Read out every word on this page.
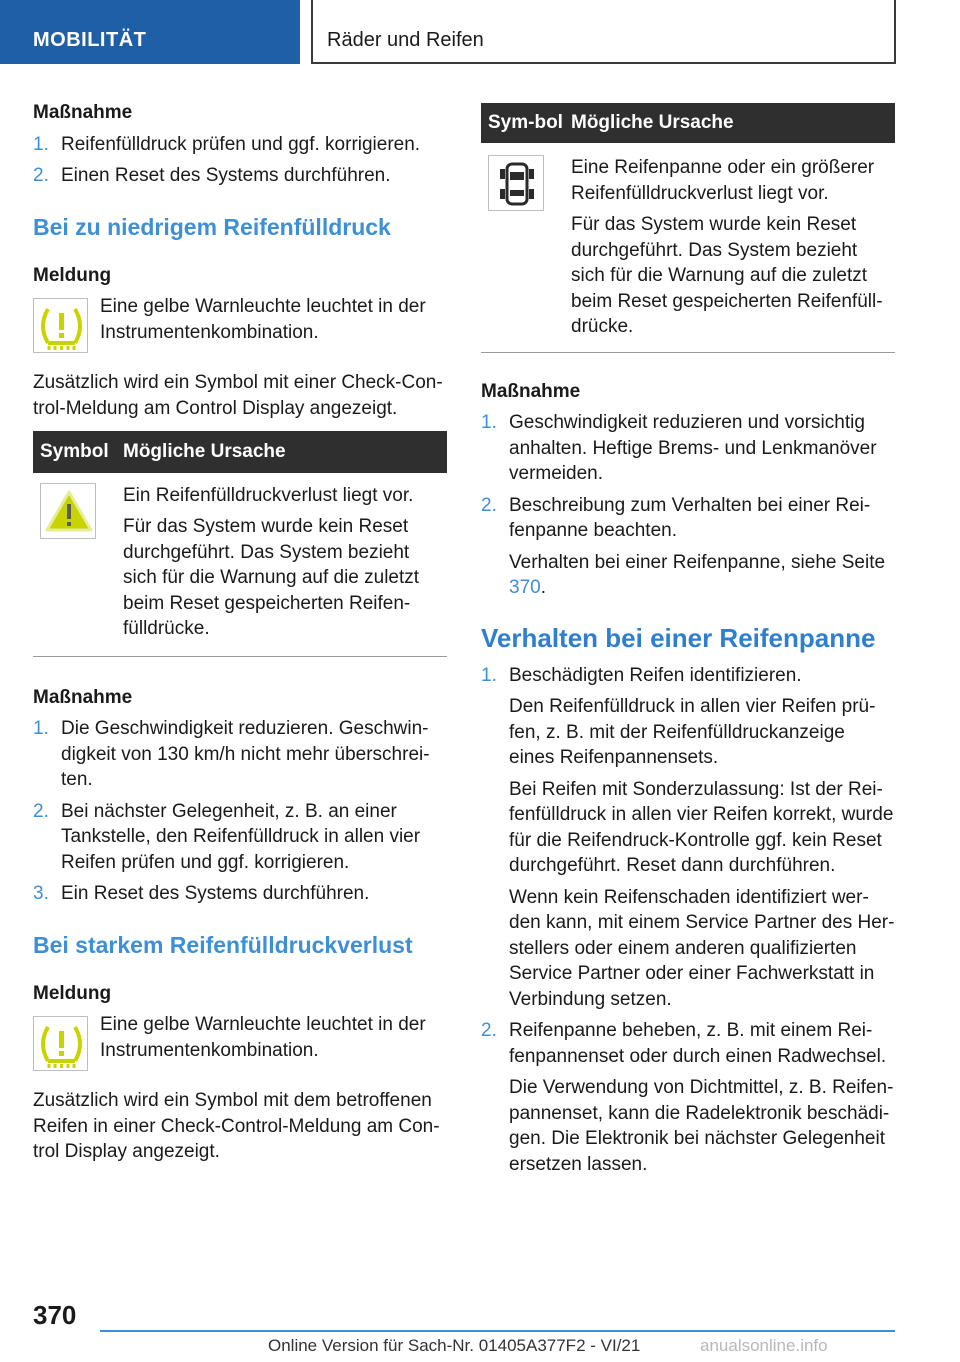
MOBILITÄT	Räder und Reifen
Maßnahme
1. Reifenfülldruck prüfen und ggf. korrigieren.
2. Einen Reset des Systems durchführen.
Bei zu niedrigem Reifenfülldruck
Meldung
Eine gelbe Warnleuchte leuchtet in der Instrumentenkombination.

Zusätzlich wird ein Symbol mit einer Check-Con-trol-Meldung am Control Display angezeigt.

Symbol Mögliche Ursache

Ein Reifenfülldruckverlust liegt vor.

Für das System wurde kein Reset durchgeführt. Das System bezieht sich für die Warnung auf die zuletzt beim Reset gespeicherten Reifen-fülldrücke.

Maßnahme
1. Die Geschwindigkeit reduzieren. Geschwin-digkeit von 130 km/h nicht mehr überschrei-ten.
2. Bei nächster Gelegenheit, z. B. an einer Tankstelle, den Reifenfülldruck in allen vier Reifen prüfen und ggf. korrigieren.
3. Ein Reset des Systems durchführen.
Bei starkem Reifenfülldruckverlust
Meldung
Eine gelbe Warnleuchte leuchtet in der Instrumentenkombination.

Zusätzlich wird ein Symbol mit dem betroffenen Reifen in einer Check-Control-Meldung am Con-trol Display angezeigt.

Sym-bol Mögliche Ursache

Eine Reifenpanne oder ein größerer Reifenfülldruckverlust liegt vor.

Für das System wurde kein Reset durchgeführt. Das System bezieht sich für die Warnung auf die zuletzt beim Reset gespeicherten Reifenfüll-drücke.

Maßnahme
1. Geschwindigkeit reduzieren und vorsichtig anhalten. Heftige Brems- und Lenkmanöver vermeiden.
2. Beschreibung zum Verhalten bei einer Rei-fenpanne beachten.
Verhalten bei einer Reifenpanne, siehe Seite 370.
Verhalten bei einer Reifenpanne
1. Beschädigten Reifen identifizieren.
Den Reifenfülldruck in allen vier Reifen prü-fen, z. B. mit der Reifenfülldruckanzeige eines Reifenpannensets.
Bei Reifen mit Sonderzulassung: Ist der Rei-fenfülldruck in allen vier Reifen korrekt, wurde für die Reifendruck-Kontrolle ggf. kein Reset durchgeführt. Reset dann durchführen.
Wenn kein Reifenschaden identifiziert wer-den kann, mit einem Service Partner des Her-stellers oder einem anderen qualifizierten Service Partner oder einer Fachwerkstatt in Verbindung setzen.
2. Reifenpanne beheben, z. B. mit einem Rei-fenpannenset oder durch einen Radwechsel.
Die Verwendung von Dichtmittel, z. B. Reifen-pannenset, kann die Radelektronik beschädi-gen. Die Elektronik bei nächster Gelegenheit ersetzen lassen.
370
Online Version für Sach-Nr. 01405A377F2 - VI/21	anualsonline.info
